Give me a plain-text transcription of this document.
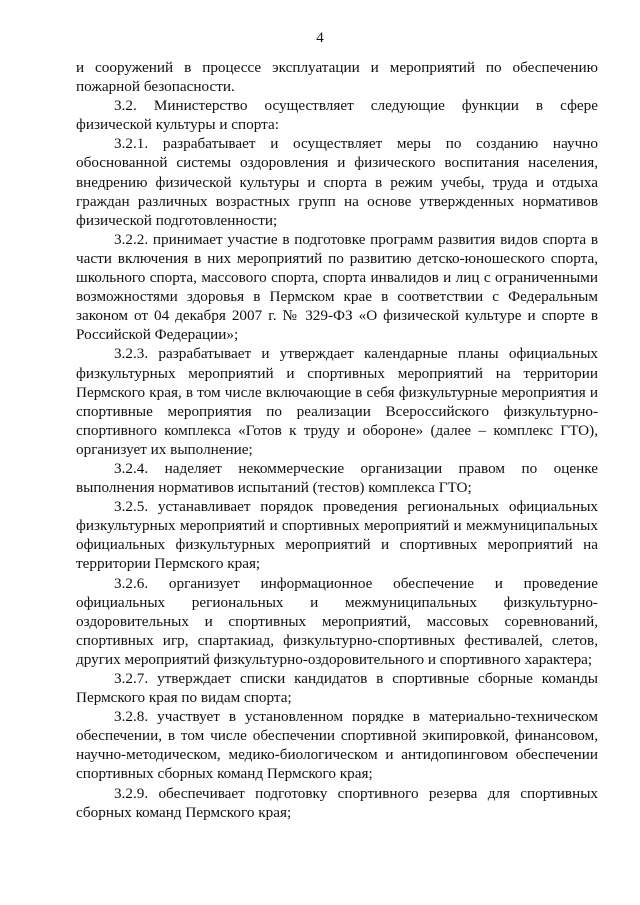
4

и сооружений в процессе эксплуатации и мероприятий по обеспечению пожарной безопасности.

3.2. Министерство осуществляет следующие функции в сфере физической культуры и спорта:

3.2.1. разрабатывает и осуществляет меры по созданию научно обоснованной системы оздоровления и физического воспитания населения, внедрению физической культуры и спорта в режим учебы, труда и отдыха граждан различных возрастных групп на основе утвержденных нормативов физической подготовленности;

3.2.2. принимает участие в подготовке программ развития видов спорта в части включения в них мероприятий по развитию детско-юношеского спорта, школьного спорта, массового спорта, спорта инвалидов и лиц с ограниченными возможностями здоровья в Пермском крае в соответствии с Федеральным законом от 04 декабря 2007 г. № 329-ФЗ «О физической культуре и спорте в Российской Федерации»;

3.2.3. разрабатывает и утверждает календарные планы официальных физкультурных мероприятий и спортивных мероприятий на территории Пермского края, в том числе включающие в себя физкультурные мероприятия и спортивные мероприятия по реализации Всероссийского физкультурно-спортивного комплекса «Готов к труду и обороне» (далее – комплекс ГТО), организует их выполнение;

3.2.4. наделяет некоммерческие организации правом по оценке выполнения нормативов испытаний (тестов) комплекса ГТО;

3.2.5. устанавливает порядок проведения региональных официальных физкультурных мероприятий и спортивных мероприятий и межмуниципальных официальных физкультурных мероприятий и спортивных мероприятий на территории Пермского края;

3.2.6. организует информационное обеспечение и проведение официальных региональных и межмуниципальных физкультурно-оздоровительных и спортивных мероприятий, массовых соревнований, спортивных игр, спартакиад, физкультурно-спортивных фестивалей, слетов, других мероприятий физкультурно-оздоровительного и спортивного характера;

3.2.7. утверждает списки кандидатов в спортивные сборные команды Пермского края по видам спорта;

3.2.8. участвует в установленном порядке в материально-техническом обеспечении, в том числе обеспечении спортивной экипировкой, финансовом, научно-методическом, медико-биологическом и антидопинговом обеспечении спортивных сборных команд Пермского края;

3.2.9. обеспечивает подготовку спортивного резерва для спортивных сборных команд Пермского края;
